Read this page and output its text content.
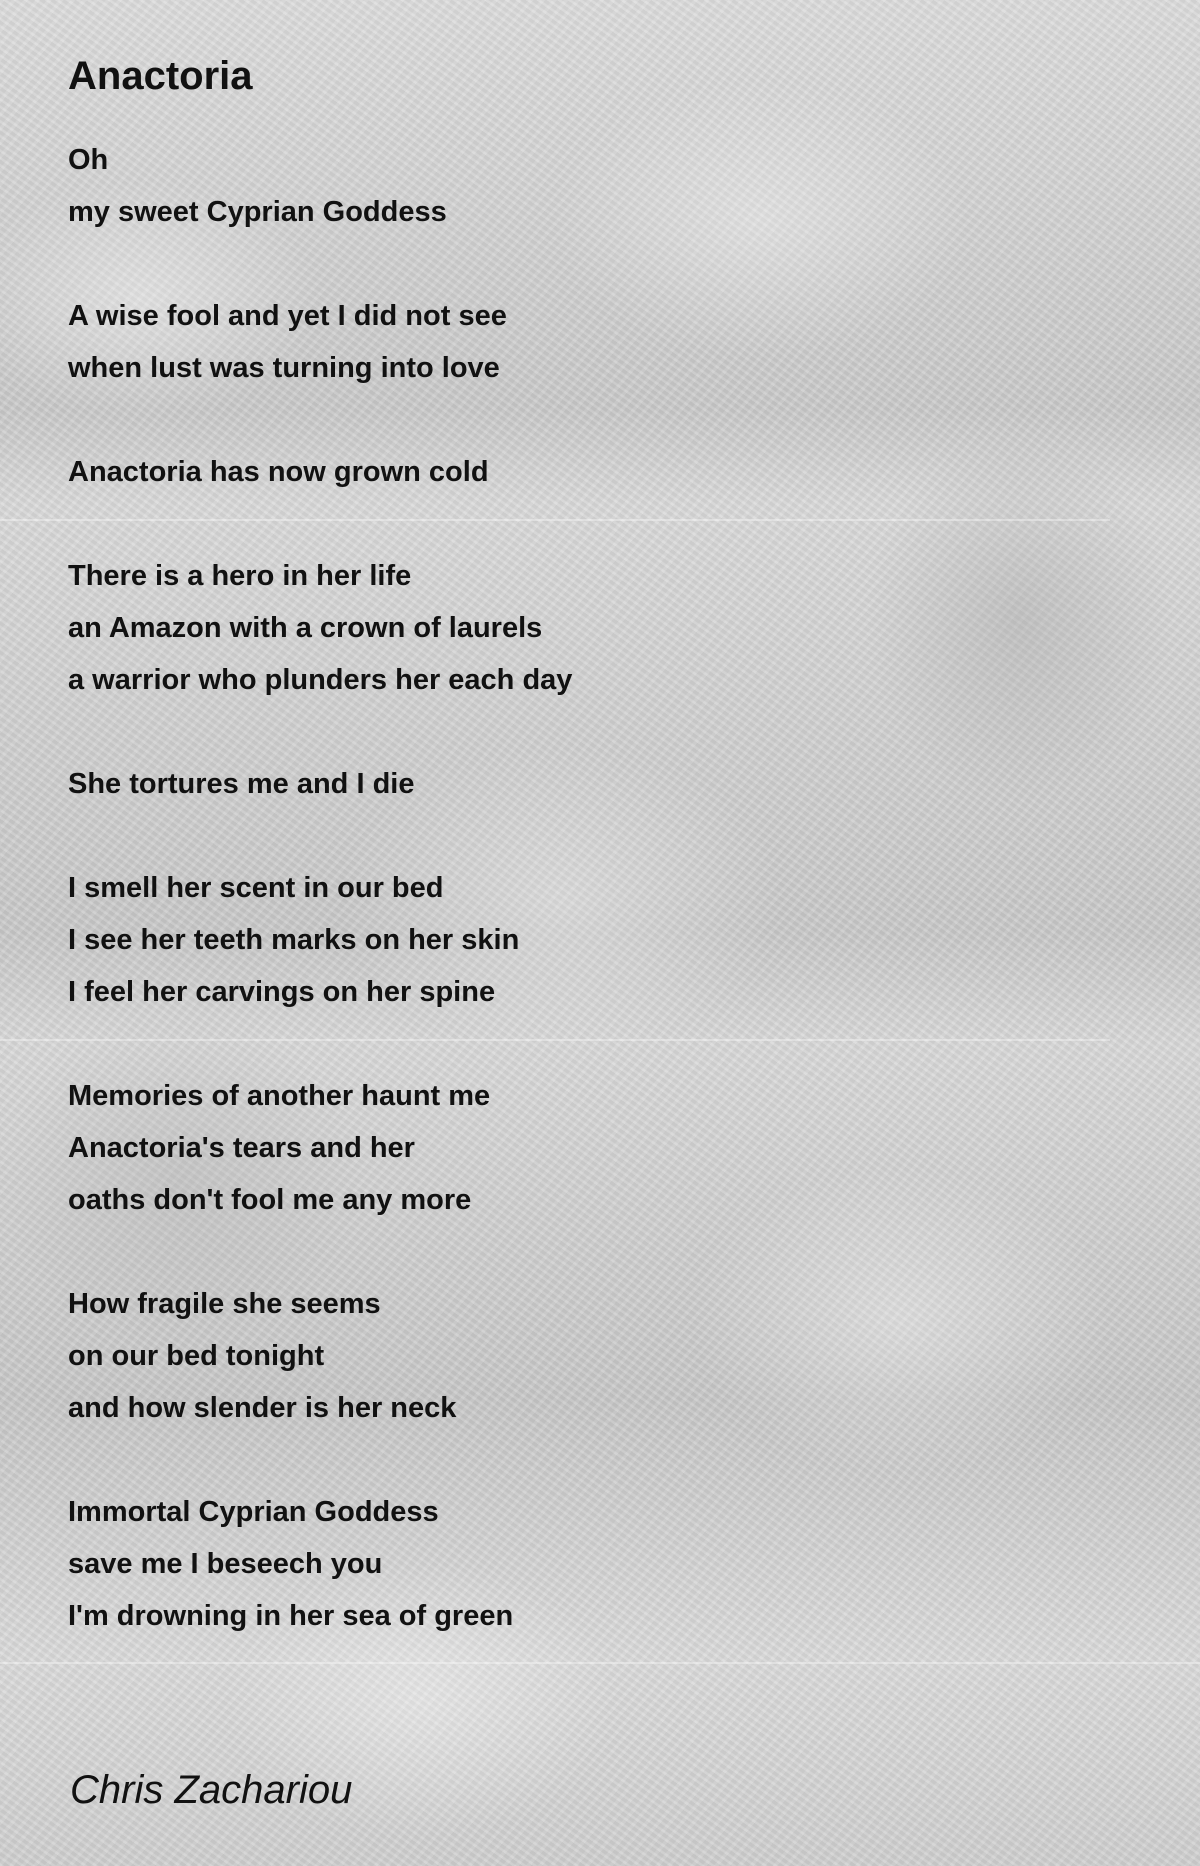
Anactoria
Oh
my sweet Cyprian Goddess
A wise fool and yet I did not see
when lust was turning into love
Anactoria has now grown cold
There is a hero in her life
an Amazon with a crown of laurels
a warrior who plunders her each day
She tortures me and I die
I smell her scent in our bed
I see her teeth marks on her skin
I feel her carvings on her spine
Memories of another haunt me
Anactoria's tears and her
oaths don't fool me any more
How fragile she seems
on our bed tonight
and how slender is her neck
Immortal Cyprian Goddess
save me I beseech you
I'm drowning in her sea of green

Chris Zachariou
